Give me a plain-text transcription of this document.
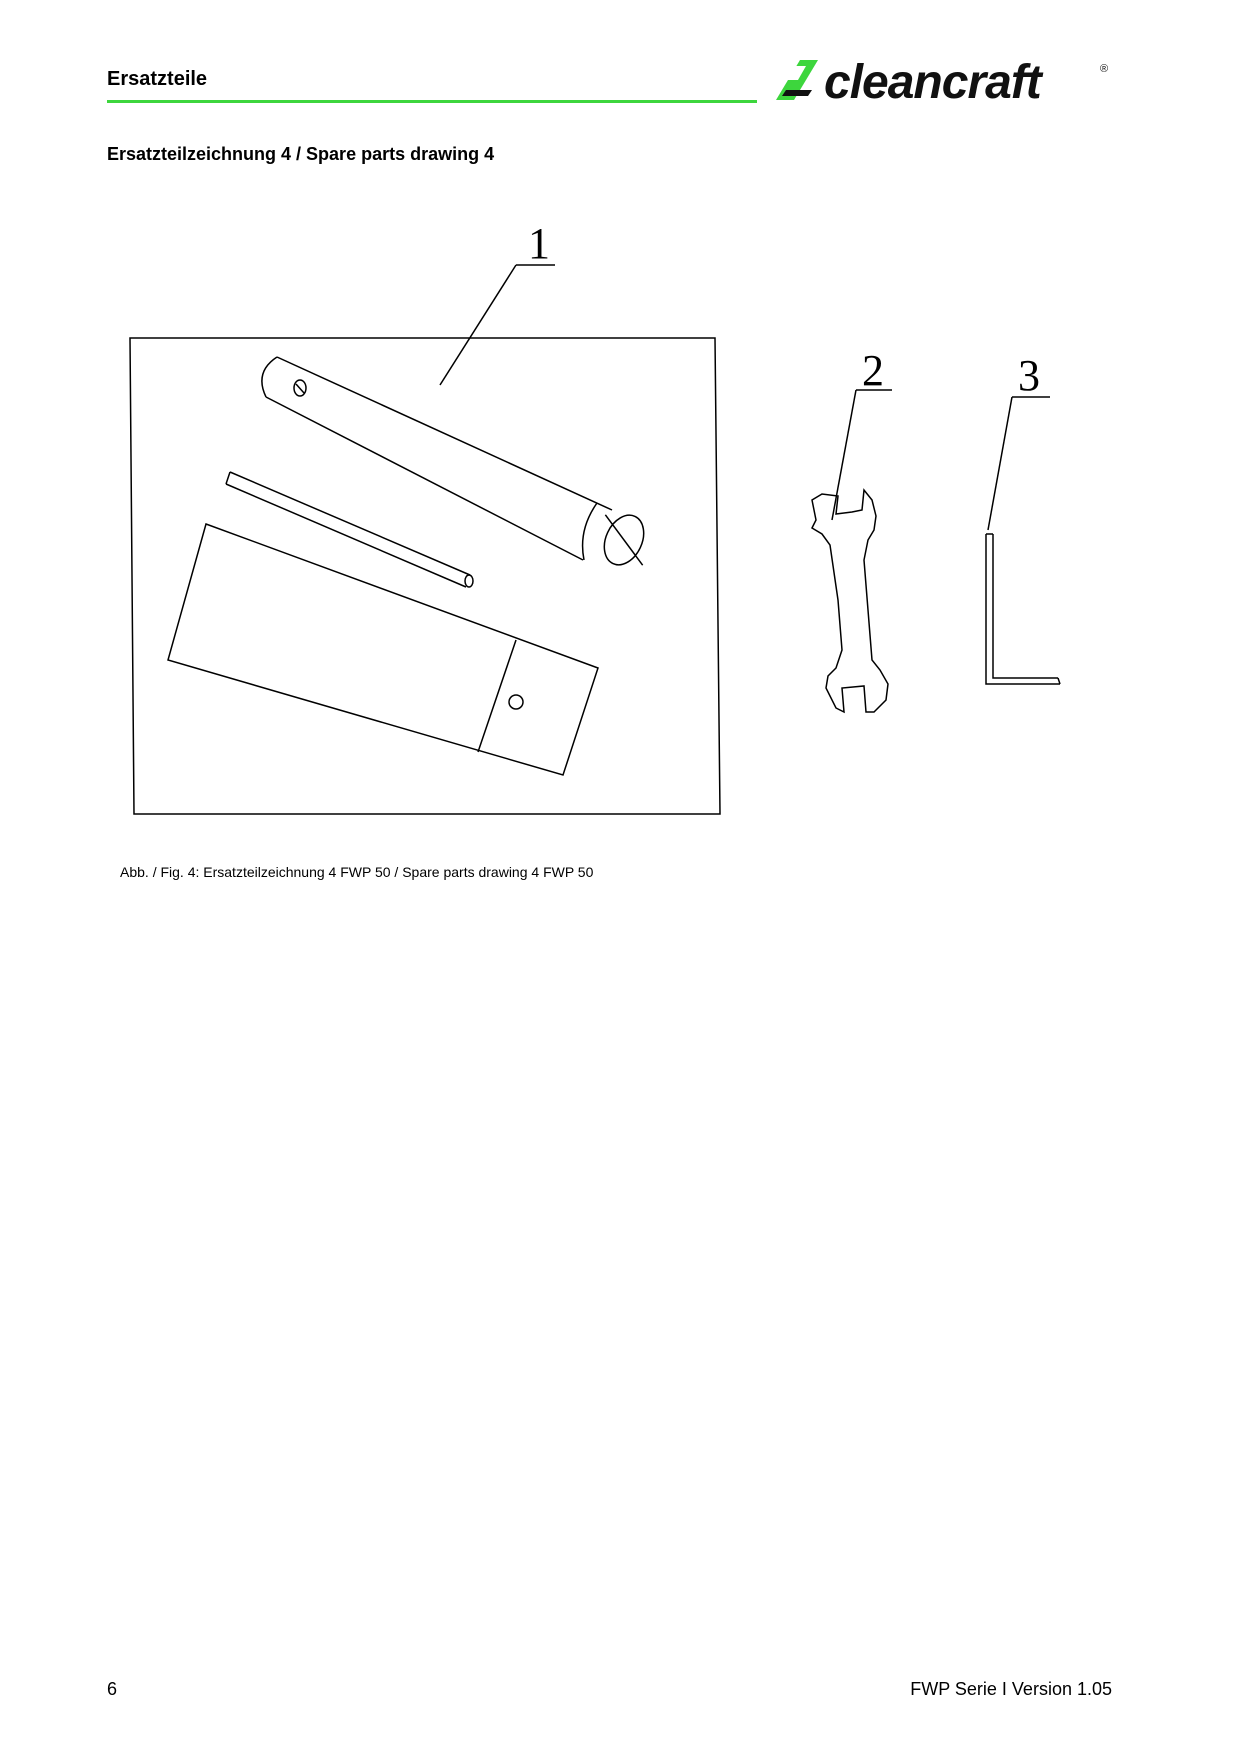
Ersatzteile	cleancraft	®
Ersatzteilzeichnung 4 / Spare parts drawing 4
1
2	3
Abb. / Fig. 4: Ersatzteilzeichnung 4 FWP 50 / Spare parts drawing 4 FWP 50
6	FWP Serie I Version 1.05
